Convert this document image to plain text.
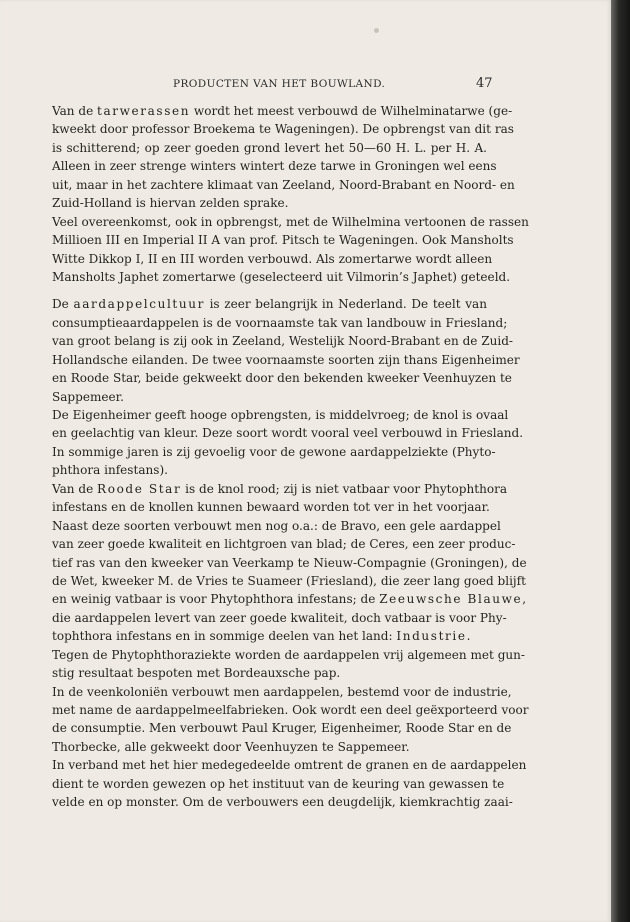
PRODUCTEN VAN HET BOUWLAND.	47
Van de tarwerassen wordt het meest verbouwd de Wilhelminatarwe (ge-
kweekt door professor Broekema te Wageningen). De opbrengst van dit ras
is schitterend; op zeer goeden grond levert het 50—60 H. L. per H. A.
Alleen in zeer strenge winters wintert deze tarwe in Groningen wel eens
uit, maar in het zachtere klimaat van Zeeland, Noord-Brabant en Noord- en
Zuid-Holland is hiervan zelden sprake.
Veel overeenkomst, ook in opbrengst, met de Wilhelmina vertoonen de rassen
Millioen III en Imperial II A van prof. Pitsch te Wageningen. Ook Mansholts
Witte Dikkop I, II en III worden verbouwd. Als zomertarwe wordt alleen
Mansholts Japhet zomertarwe (geselecteerd uit Vilmorin’s Japhet) geteeld.
De aardappelcultuur is zeer belangrijk in Nederland. De teelt van
consumptieaardappelen is de voornaamste tak van landbouw in Friesland;
van groot belang is zij ook in Zeeland, Westelijk Noord-Brabant en de Zuid-
Hollandsche eilanden. De twee voornaamste soorten zijn thans Eigenheimer
en Roode Star, beide gekweekt door den bekenden kweeker Veenhuyzen te
Sappemeer.
De Eigenheimer geeft hooge opbrengsten, is middelvroeg; de knol is ovaal
en geelachtig van kleur. Deze soort wordt vooral veel verbouwd in Friesland.
In sommige jaren is zij gevoelig voor de gewone aardappelziekte (Phyto-
phthora infestans).
Van de Roode Star is de knol rood; zij is niet vatbaar voor Phytophthora
infestans en de knollen kunnen bewaard worden tot ver in het voorjaar.
Naast deze soorten verbouwt men nog o.a.: de Bravo, een gele aardappel
van zeer goede kwaliteit en lichtgroen van blad; de Ceres, een zeer produc-
tief ras van den kweeker van Veerkamp te Nieuw-Compagnie (Groningen), de
de Wet, kweeker M. de Vries te Suameer (Friesland), die zeer lang goed blijft
en weinig vatbaar is voor Phytophthora infestans; de Zeeuwsche Blauwe,
die aardappelen levert van zeer goede kwaliteit, doch vatbaar is voor Phy-
tophthora infestans en in sommige deelen van het land: Industrie.
Tegen de Phytophthoraziekte worden de aardappelen vrij algemeen met gun-
stig resultaat bespoten met Bordeauxsche pap.
In de veenkoloniën verbouwt men aardappelen, bestemd voor de industrie,
met name de aardappelmeelfabrieken. Ook wordt een deel geëxporteerd voor
de consumptie. Men verbouwt Paul Kruger, Eigenheimer, Roode Star en de
Thorbecke, alle gekweekt door Veenhuyzen te Sappemeer.
In verband met het hier medegedeelde omtrent de granen en de aardappelen
dient te worden gewezen op het instituut van de keuring van gewassen te
velde en op monster. Om de verbouwers een deugdelijk, kiemkrachtig zaai-
